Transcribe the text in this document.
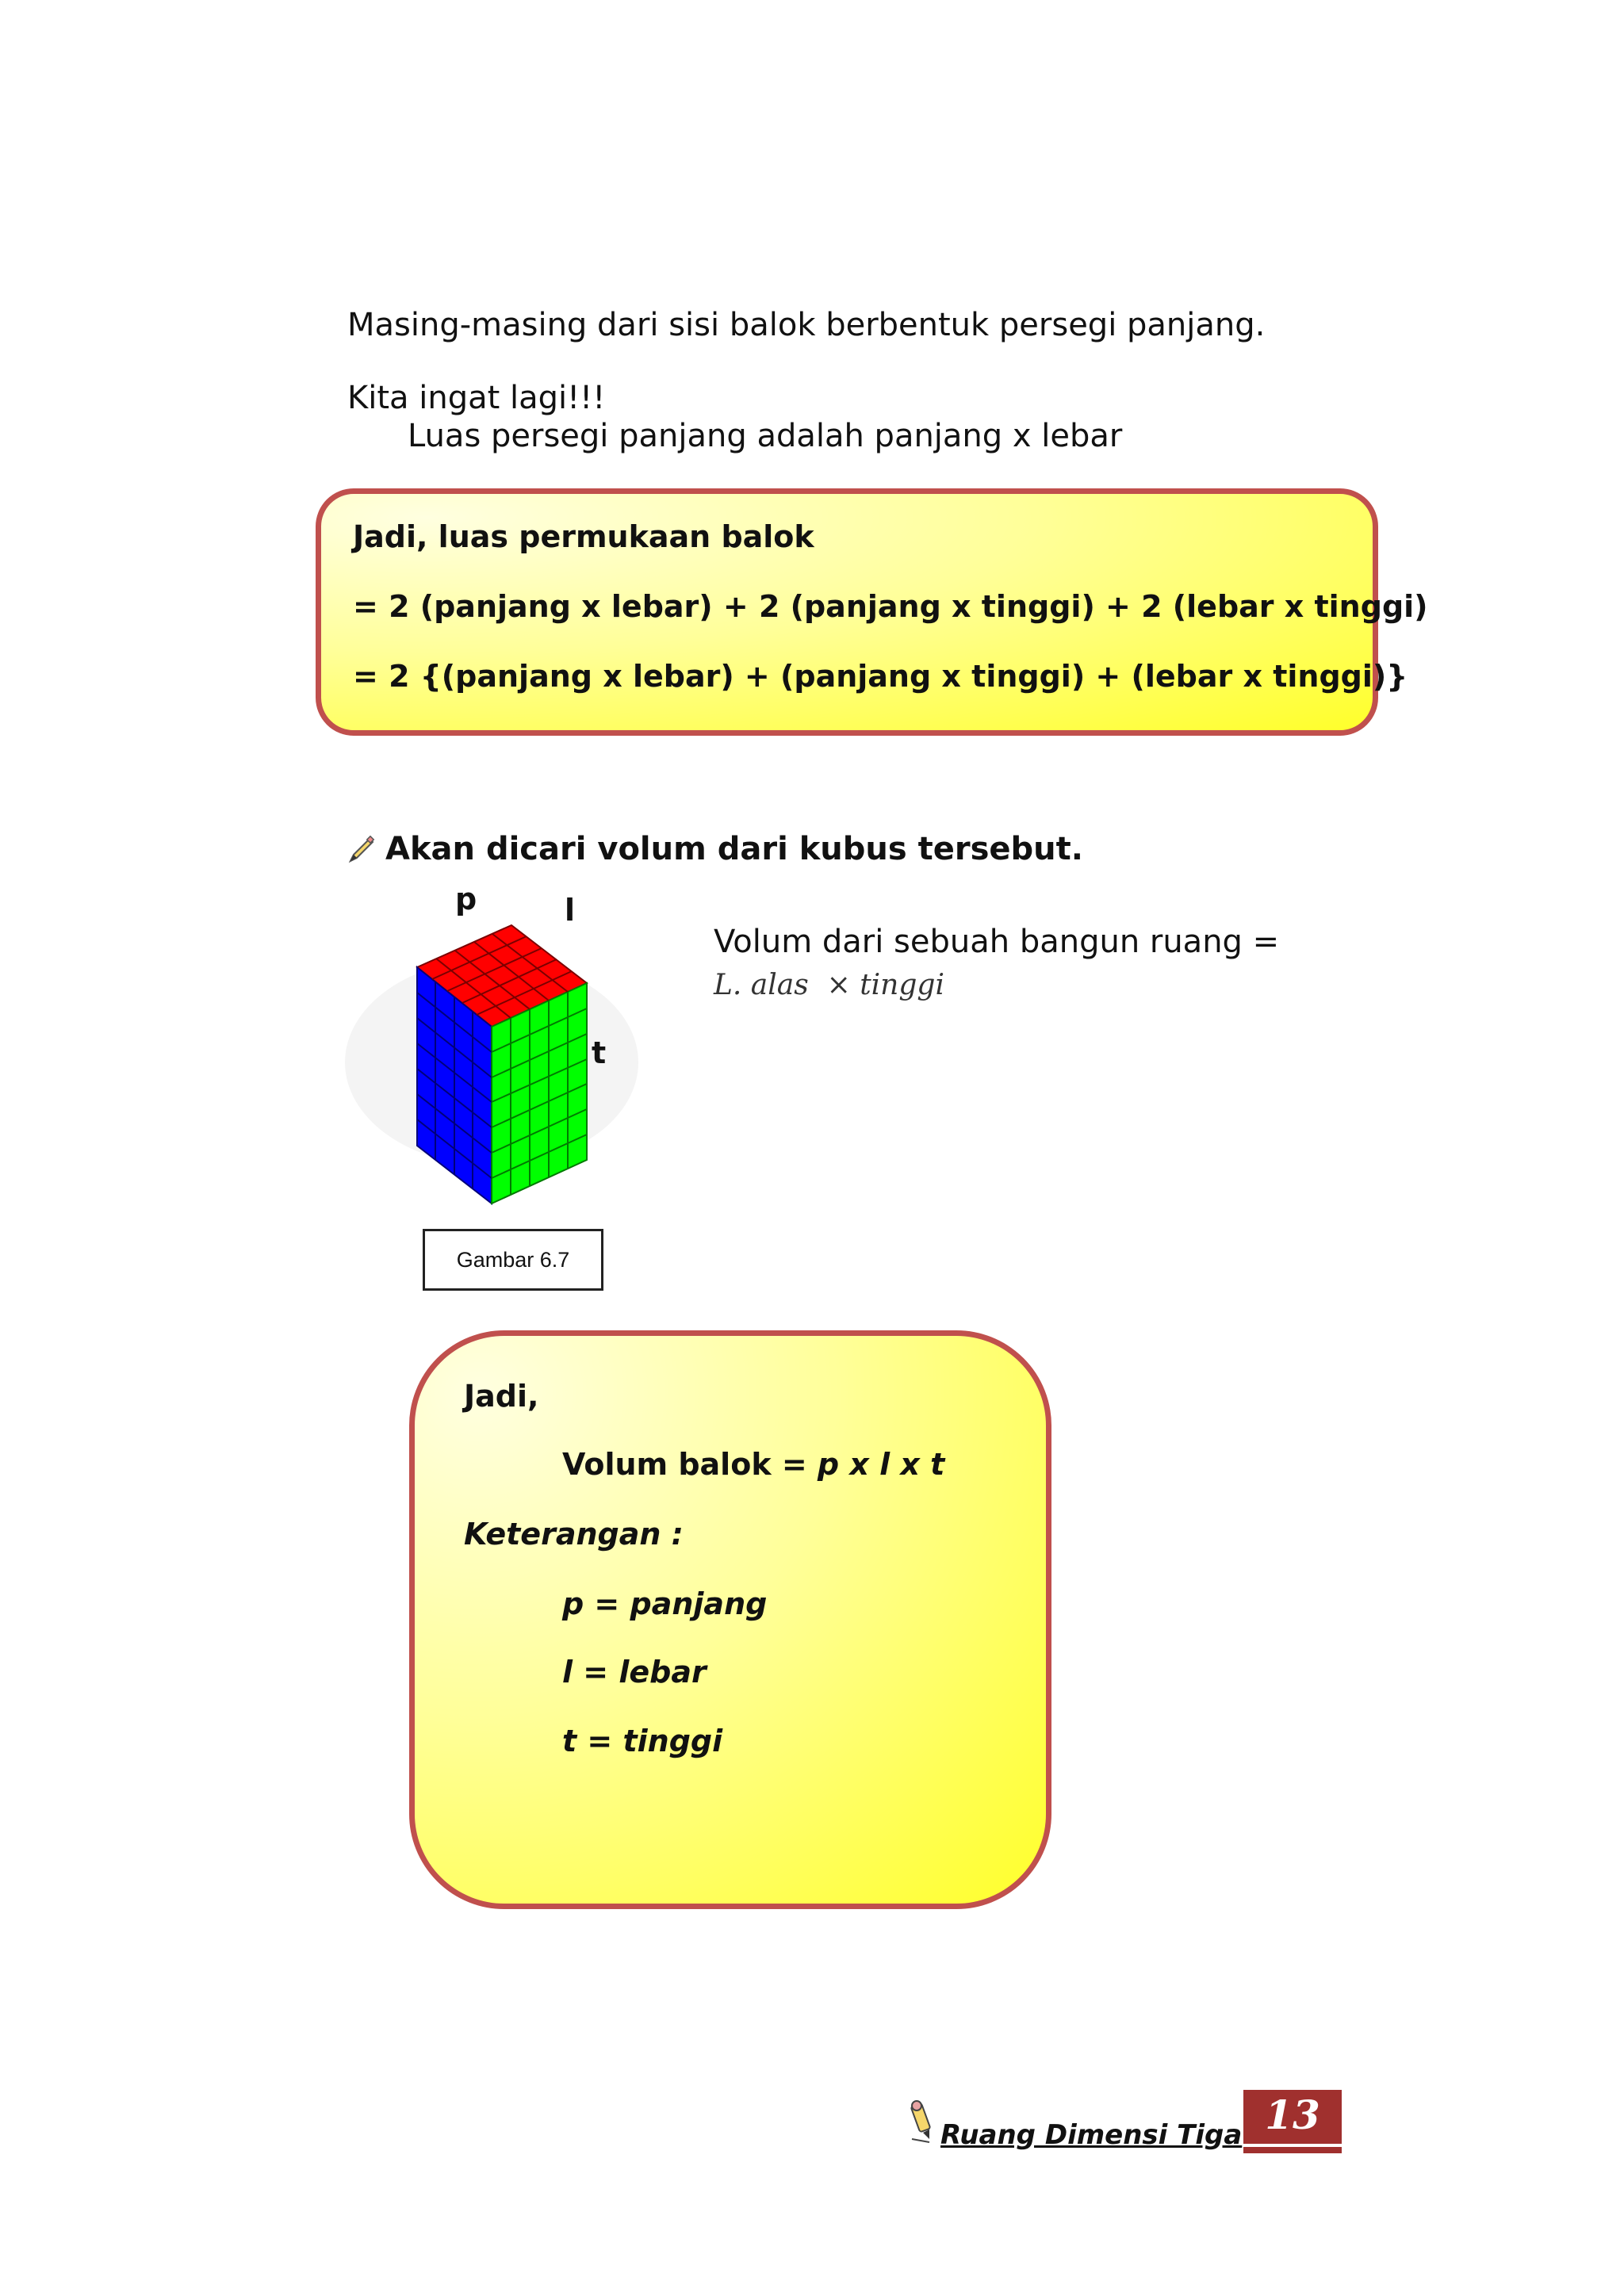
Masing-masing dari sisi balok berbentuk persegi panjang.
Kita ingat lagi!!!
Luas persegi panjang adalah panjang x lebar
Jadi, luas permukaan balok
= 2 (panjang x lebar) + 2 (panjang x tinggi) + 2 (lebar x tinggi)
= 2 {(panjang x lebar) + (panjang x tinggi) + (lebar x tinggi)}
Akan dicari volum dari kubus tersebut.
p	l
t
Gambar 6.7
Volum dari sebuah bangun ruang =
L. alas  × tinggi
Jadi,
Volum balok = p x l x t
Keterangan :
p = panjang
l = lebar
t = tinggi
Ruang Dimensi Tiga 13
